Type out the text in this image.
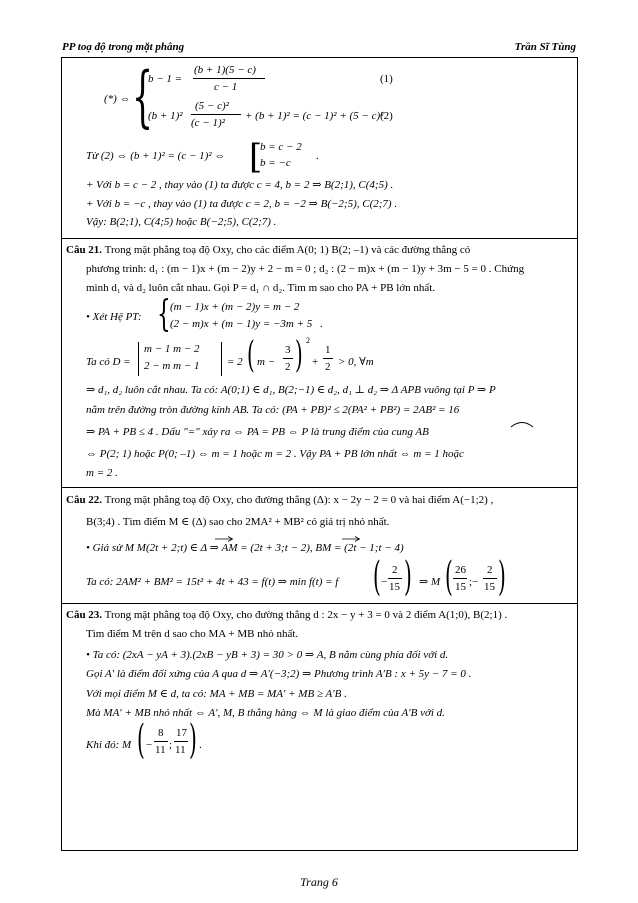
PP toạ độ trong mặt phẳng	Trần Sĩ Tùng
(*) ⇔ {
b − 1 =
(b + 1)(5 − c)
c − 1
(1)
(b + 1)²
(5 − c)²
(c − 1)²
+ (b + 1)² = (c − 1)² + (5 − c)²
(2)
Từ (2) ⇔ (b + 1)² = (c − 1)² ⇔ [
b = c − 2
b = −c
.
+ Với b = c − 2 , thay vào (1) ta được c = 4, b = 2 ⇒ B(2;1), C(4;5) .
+ Với b = −c , thay vào (1) ta được c = 2, b = −2 ⇒ B(−2;5), C(2;7) .
Vậy: B(2;1), C(4;5) hoặc B(−2;5), C(2;7) .
Câu 21. Trong mặt phẳng toạ độ Oxy, cho các điểm A(0; 1) B(2; –1) và các đường thẳng có
phương trình: d₁ : (m − 1)x + (m − 2)y + 2 − m = 0 ; d₂ : (2 − m)x + (m − 1)y + 3m − 5 = 0 . Chứng
minh d₁ và d₂ luôn cắt nhau. Gọi P = d₁ ∩ d₂. Tìm m sao cho PA + PB lớn nhất.
• Xét Hệ PT: { (m − 1)x + (m − 2)y = m − 2
(2 − m)x + (m − 1)y = −3m + 5 .
Ta có D =
m − 1 m − 2
2 − m m − 1	= 2 ( m −
3
2 ) 2
+
1
2 > 0, ∀m
⇒ d₁, d₂ luôn cắt nhau. Ta có: A(0;1) ∈ d₁, B(2;−1) ∈ d₂, d₁ ⊥ d₂ ⇒ Δ APB vuông tại P ⇒ P
nằm trên đường tròn đường kính AB. Ta có: (PA + PB)² ≤ 2(PA² + PB²) = 2AB² = 16
⇒ PA + PB ≤ 4 . Dấu "=" xảy ra ⇔ PA = PB ⇔ P là trung điểm của cung AB
⇔ P(2; 1) hoặc P(0; –1) ⇔ m = 1 hoặc m = 2 . Vậy PA + PB lớn nhất ⇔ m = 1 hoặc
m = 2 .
Câu 22. Trong mặt phẳng toạ độ Oxy, cho đường thẳng (Δ): x − 2y − 2 = 0 và hai điểm A(−1;2) ,
B(3;4) . Tìm điểm M ∈ (Δ) sao cho 2MA² + MB² có giá trị nhỏ nhất.
• Giả sử M M(2t + 2;t) ∈ Δ ⇒ AM = (2t + 3;t − 2), BM = (2t − 1;t − 4)
Ta có: 2AM² + BM² = 15t² + 4t + 43 = f(t) ⇒ min f(t) = f ( −
2
15 ) ⇒ M ( 26
15 ;−
2
15 )
Câu 23. Trong mặt phẳng toạ độ Oxy, cho đường thẳng d : 2x − y + 3 = 0 và 2 điểm A(1;0), B(2;1) .
Tìm điểm M trên d sao cho MA + MB nhỏ nhất.
• Ta có: (2xA − yA + 3).(2xB − yB + 3) = 30 > 0 ⇒ A, B nằm cùng phía đối với d.
Gọi A′ là điểm đối xứng của A qua d ⇒ A′(−3;2) ⇒ Phương trình A′B : x + 5y − 7 = 0 .
Với mọi điểm M ∈ d, ta có: MA + MB = MA′ + MB ≥ A′B .
Mà MA′ + MB nhỏ nhất ⇔ A′, M, B thẳng hàng ⇔ M là giao điểm của A′B với d.
Khi đó: M ( −
8
11 ;
17
11 ) .
Trang 6
